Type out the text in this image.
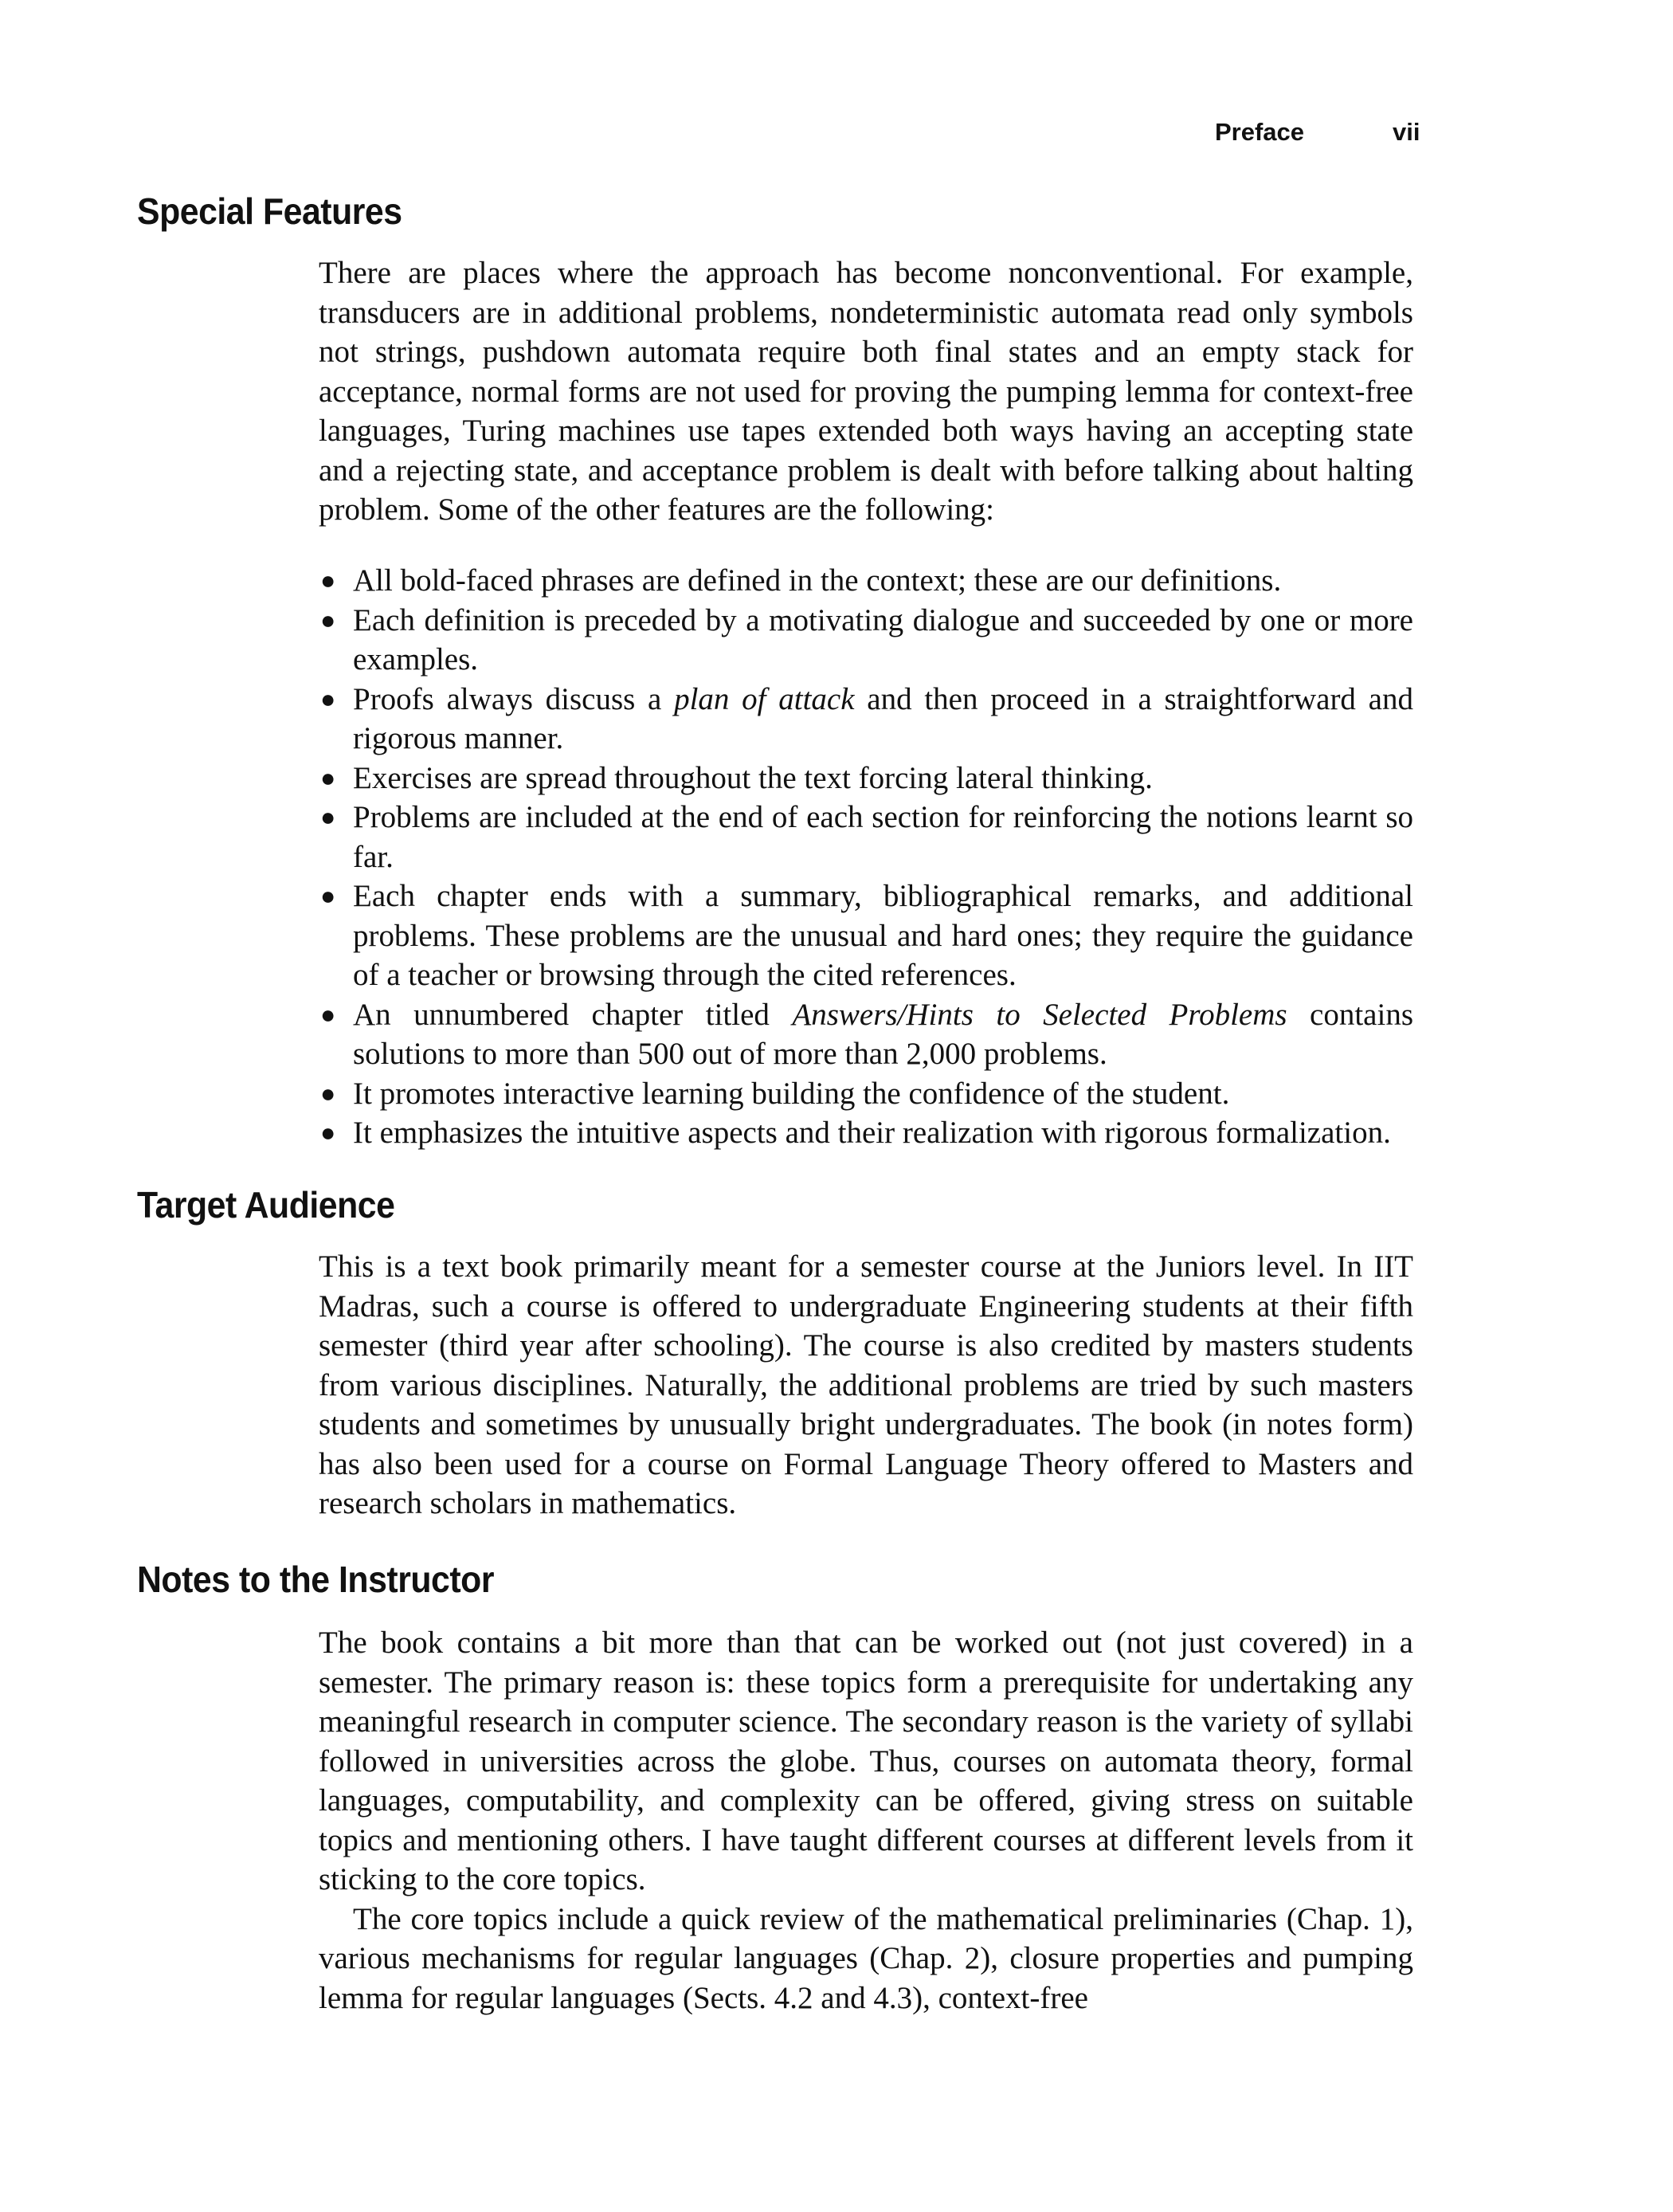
Preface	vii
Special Features

There are places where the approach has become nonconventional. For example, transducers are in additional problems, nondeterministic automata read only symbols not strings, pushdown automata require both final states and an empty stack for acceptance, normal forms are not used for proving the pumping lemma for context-free languages, Turing machines use tapes extended both ways having an accepting state and a rejecting state, and acceptance problem is dealt with before talking about halting problem. Some of the other features are the following:

● All bold-faced phrases are defined in the context; these are our definitions.
● Each definition is preceded by a motivating dialogue and succeeded by one or more examples.
● Proofs always discuss a plan of attack and then proceed in a straightforward and rigorous manner.
● Exercises are spread throughout the text forcing lateral thinking.
● Problems are included at the end of each section for reinforcing the notions learnt so far.
● Each chapter ends with a summary, bibliographical remarks, and additional problems. These problems are the unusual and hard ones; they require the guidance of a teacher or browsing through the cited references.
● An unnumbered chapter titled Answers/Hints to Selected Problems contains solutions to more than 500 out of more than 2,000 problems.
● It promotes interactive learning building the confidence of the student.
● It emphasizes the intuitive aspects and their realization with rigorous formalization.
Target Audience

This is a text book primarily meant for a semester course at the Juniors level. In IIT Madras, such a course is offered to undergraduate Engineering students at their fifth semester (third year after schooling). The course is also credited by masters students from various disciplines. Naturally, the additional problems are tried by such masters students and sometimes by unusually bright undergraduates. The book (in notes form) has also been used for a course on Formal Language Theory offered to Masters and research scholars in mathematics.

Notes to the Instructor

The book contains a bit more than that can be worked out (not just covered) in a semester. The primary reason is: these topics form a prerequisite for undertaking any meaningful research in computer science. The secondary reason is the variety of syllabi followed in universities across the globe. Thus, courses on automata theory, formal languages, computability, and complexity can be offered, giving stress on suitable topics and mentioning others. I have taught different courses at different levels from it sticking to the core topics.

The core topics include a quick review of the mathematical preliminaries (Chap. 1), various mechanisms for regular languages (Chap. 2), closure properties and pumping lemma for regular languages (Sects. 4.2 and 4.3), context-free
